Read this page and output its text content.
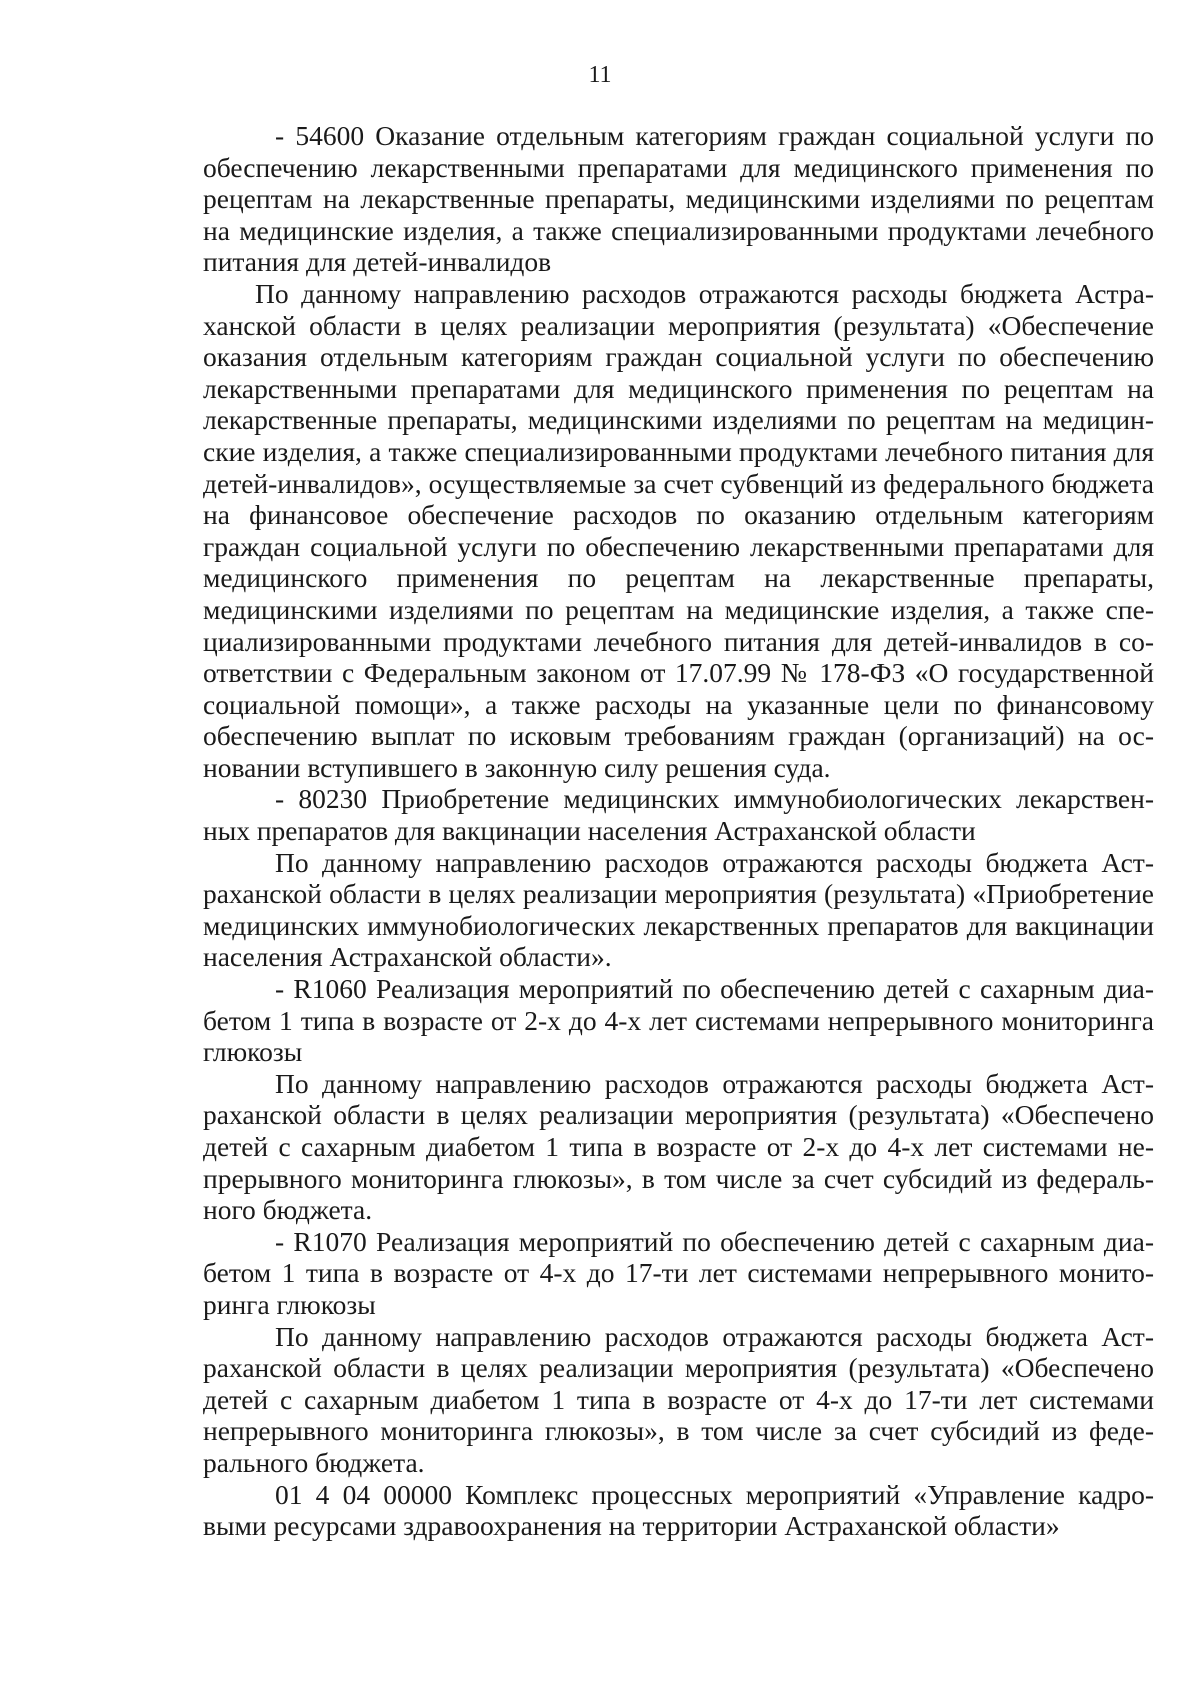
11

- 54600 Оказание отдельным категориям граждан социальной услуги по обеспечению лекарственными препаратами для медицинского применения по рецептам на лекарственные препараты, медицинскими изделиями по рецептам на медицинские изделия, а также специализированными продуктами лечебного питания для детей-инвалидов

По данному направлению расходов отражаются расходы бюджета Астраханской области в целях реализации мероприятия (результата) «Обеспечение оказания отдельным категориям граждан социальной услуги по обеспечению лекарственными препаратами для медицинского применения по рецептам на лекарственные препараты, медицинскими изделиями по рецептам на медицинские изделия, а также специализированными продуктами лечебного питания для детей-инвалидов», осуществляемые за счет субвенций из федерального бюджета на финансовое обеспечение расходов по оказанию отдельным категориям граждан социальной услуги по обеспечению лекарственными препаратами для медицинского применения по рецептам на лекарственные препараты, медицинскими изделиями по рецептам на медицинские изделия, а также специализированными продуктами лечебного питания для детей-инвалидов в соответствии с Федеральным законом от 17.07.99 № 178-ФЗ «О государственной социальной помощи», а также расходы на указанные цели по финансовому обеспечению выплат по исковым требованиям граждан (организаций) на основании вступившего в законную силу решения суда.

- 80230 Приобретение медицинских иммунобиологических лекарственных препаратов для вакцинации населения Астраханской области

По данному направлению расходов отражаются расходы бюджета Астраханской области в целях реализации мероприятия (результата) «Приобретение медицинских иммунобиологических лекарственных препаратов для вакцинации населения Астраханской области».

- R1060 Реализация мероприятий по обеспечению детей с сахарным диабетом 1 типа в возрасте от 2-х до 4-х лет системами непрерывного мониторинга глюкозы

По данному направлению расходов отражаются расходы бюджета Астраханской области в целях реализации мероприятия (результата) «Обеспечено детей с сахарным диабетом 1 типа в возрасте от 2-х до 4-х лет системами непрерывного мониторинга глюкозы», в том числе за счет субсидий из федерального бюджета.

- R1070 Реализация мероприятий по обеспечению детей с сахарным диабетом 1 типа в возрасте от 4-х до 17-ти лет системами непрерывного мониторинга глюкозы

По данному направлению расходов отражаются расходы бюджета Астраханской области в целях реализации мероприятия (результата) «Обеспечено детей с сахарным диабетом 1 типа в возрасте от 4-х до 17-ти лет системами непрерывного мониторинга глюкозы», в том числе за счет субсидий из федерального бюджета.

01 4 04 00000 Комплекс процессных мероприятий «Управление кадровыми ресурсами здравоохранения на территории Астраханской области»
